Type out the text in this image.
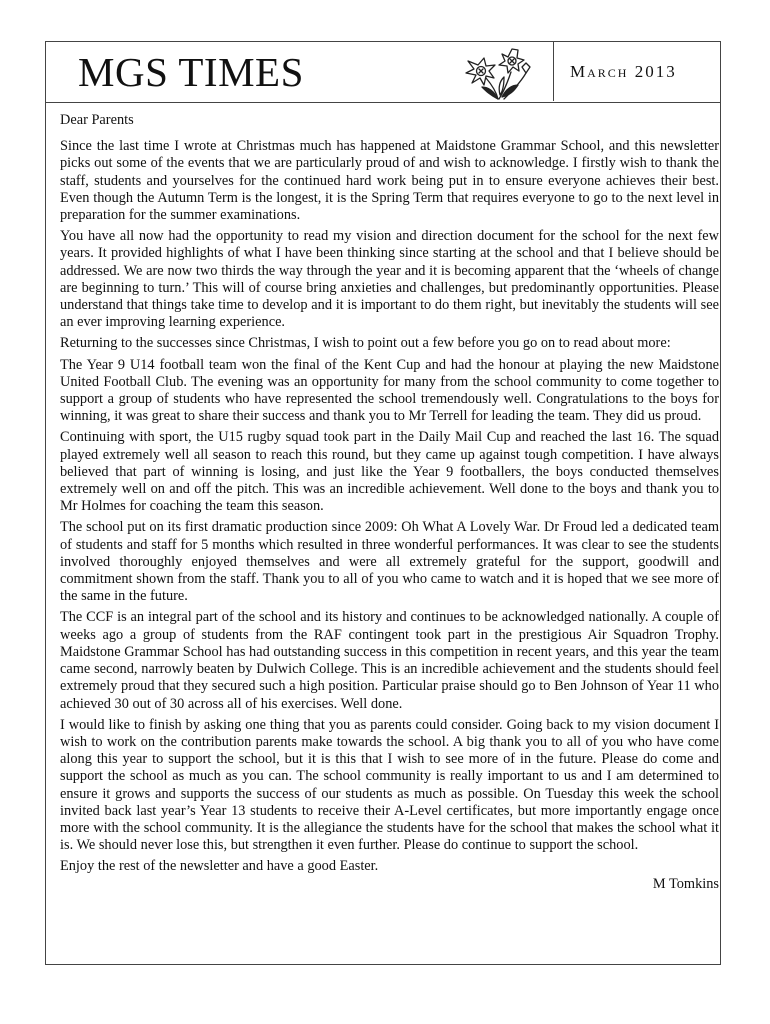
MGS TIMES	March 2013

Dear Parents

Since the last time I wrote at Christmas much has happened at Maidstone Grammar School, and this newsletter picks out some of the events that we are particularly proud of and wish to acknowledge. I firstly wish to thank the staff, students and yourselves for the continued hard work being put in to ensure everyone achieves their best. Even though the Autumn Term is the longest, it is the Spring Term that requires everyone to go to the next level in preparation for the summer examinations.

You have all now had the opportunity to read my vision and direction document for the school for the next few years. It provided highlights of what I have been thinking since starting at the school and that I believe should be addressed. We are now two thirds the way through the year and it is becoming apparent that the ‘wheels of change are beginning to turn.’ This will of course bring anxieties and challenges, but predominantly opportunities. Please understand that things take time to develop and it is important to do them right, but inevitably the students will see an ever improving learning experience.

Returning to the successes since Christmas, I wish to point out a few before you go on to read about more:

The Year 9 U14 football team won the final of the Kent Cup and had the honour at playing the new Maidstone United Football Club. The evening was an opportunity for many from the school community to come together to support a group of students who have represented the school tremendously well. Congratulations to the boys for winning, it was great to share their success and thank you to Mr Terrell for leading the team. They did us proud.

Continuing with sport, the U15 rugby squad took part in the Daily Mail Cup and reached the last 16. The squad played extremely well all season to reach this round, but they came up against tough competition. I have always believed that part of winning is losing, and just like the Year 9 footballers, the boys conducted themselves extremely well on and off the pitch. This was an incredible achievement. Well done to the boys and thank you to Mr Holmes for coaching the team this season.

The school put on its first dramatic production since 2009: Oh What A Lovely War. Dr Froud led a dedicated team of students and staff for 5 months which resulted in three wonderful performances. It was clear to see the students involved thoroughly enjoyed themselves and were all extremely grateful for the support, goodwill and commitment shown from the staff. Thank you to all of you who came to watch and it is hoped that we see more of the same in the future.

The CCF is an integral part of the school and its history and continues to be acknowledged nationally. A couple of weeks ago a group of students from the RAF contingent took part in the prestigious Air Squadron Trophy. Maidstone Grammar School has had outstanding success in this competition in recent years, and this year the team came second, narrowly beaten by Dulwich College. This is an incredible achievement and the students should feel extremely proud that they secured such a high position. Particular praise should go to Ben Johnson of Year 11 who achieved 30 out of 30 across all of his exercises. Well done.

I would like to finish by asking one thing that you as parents could consider. Going back to my vision document I wish to work on the contribution parents make towards the school. A big thank you to all of you who have come along this year to support the school, but it is this that I wish to see more of in the future. Please do come and support the school as much as you can. The school community is really important to us and I am determined to ensure it grows and supports the success of our students as much as possible. On Tuesday this week the school invited back last year’s Year 13 students to receive their A-Level certificates, but more importantly engage once more with the school community. It is the allegiance the students have for the school that makes the school what it is. We should never lose this, but strengthen it even further. Please do continue to support the school.

Enjoy the rest of the newsletter and have a good Easter.

M Tomkins
